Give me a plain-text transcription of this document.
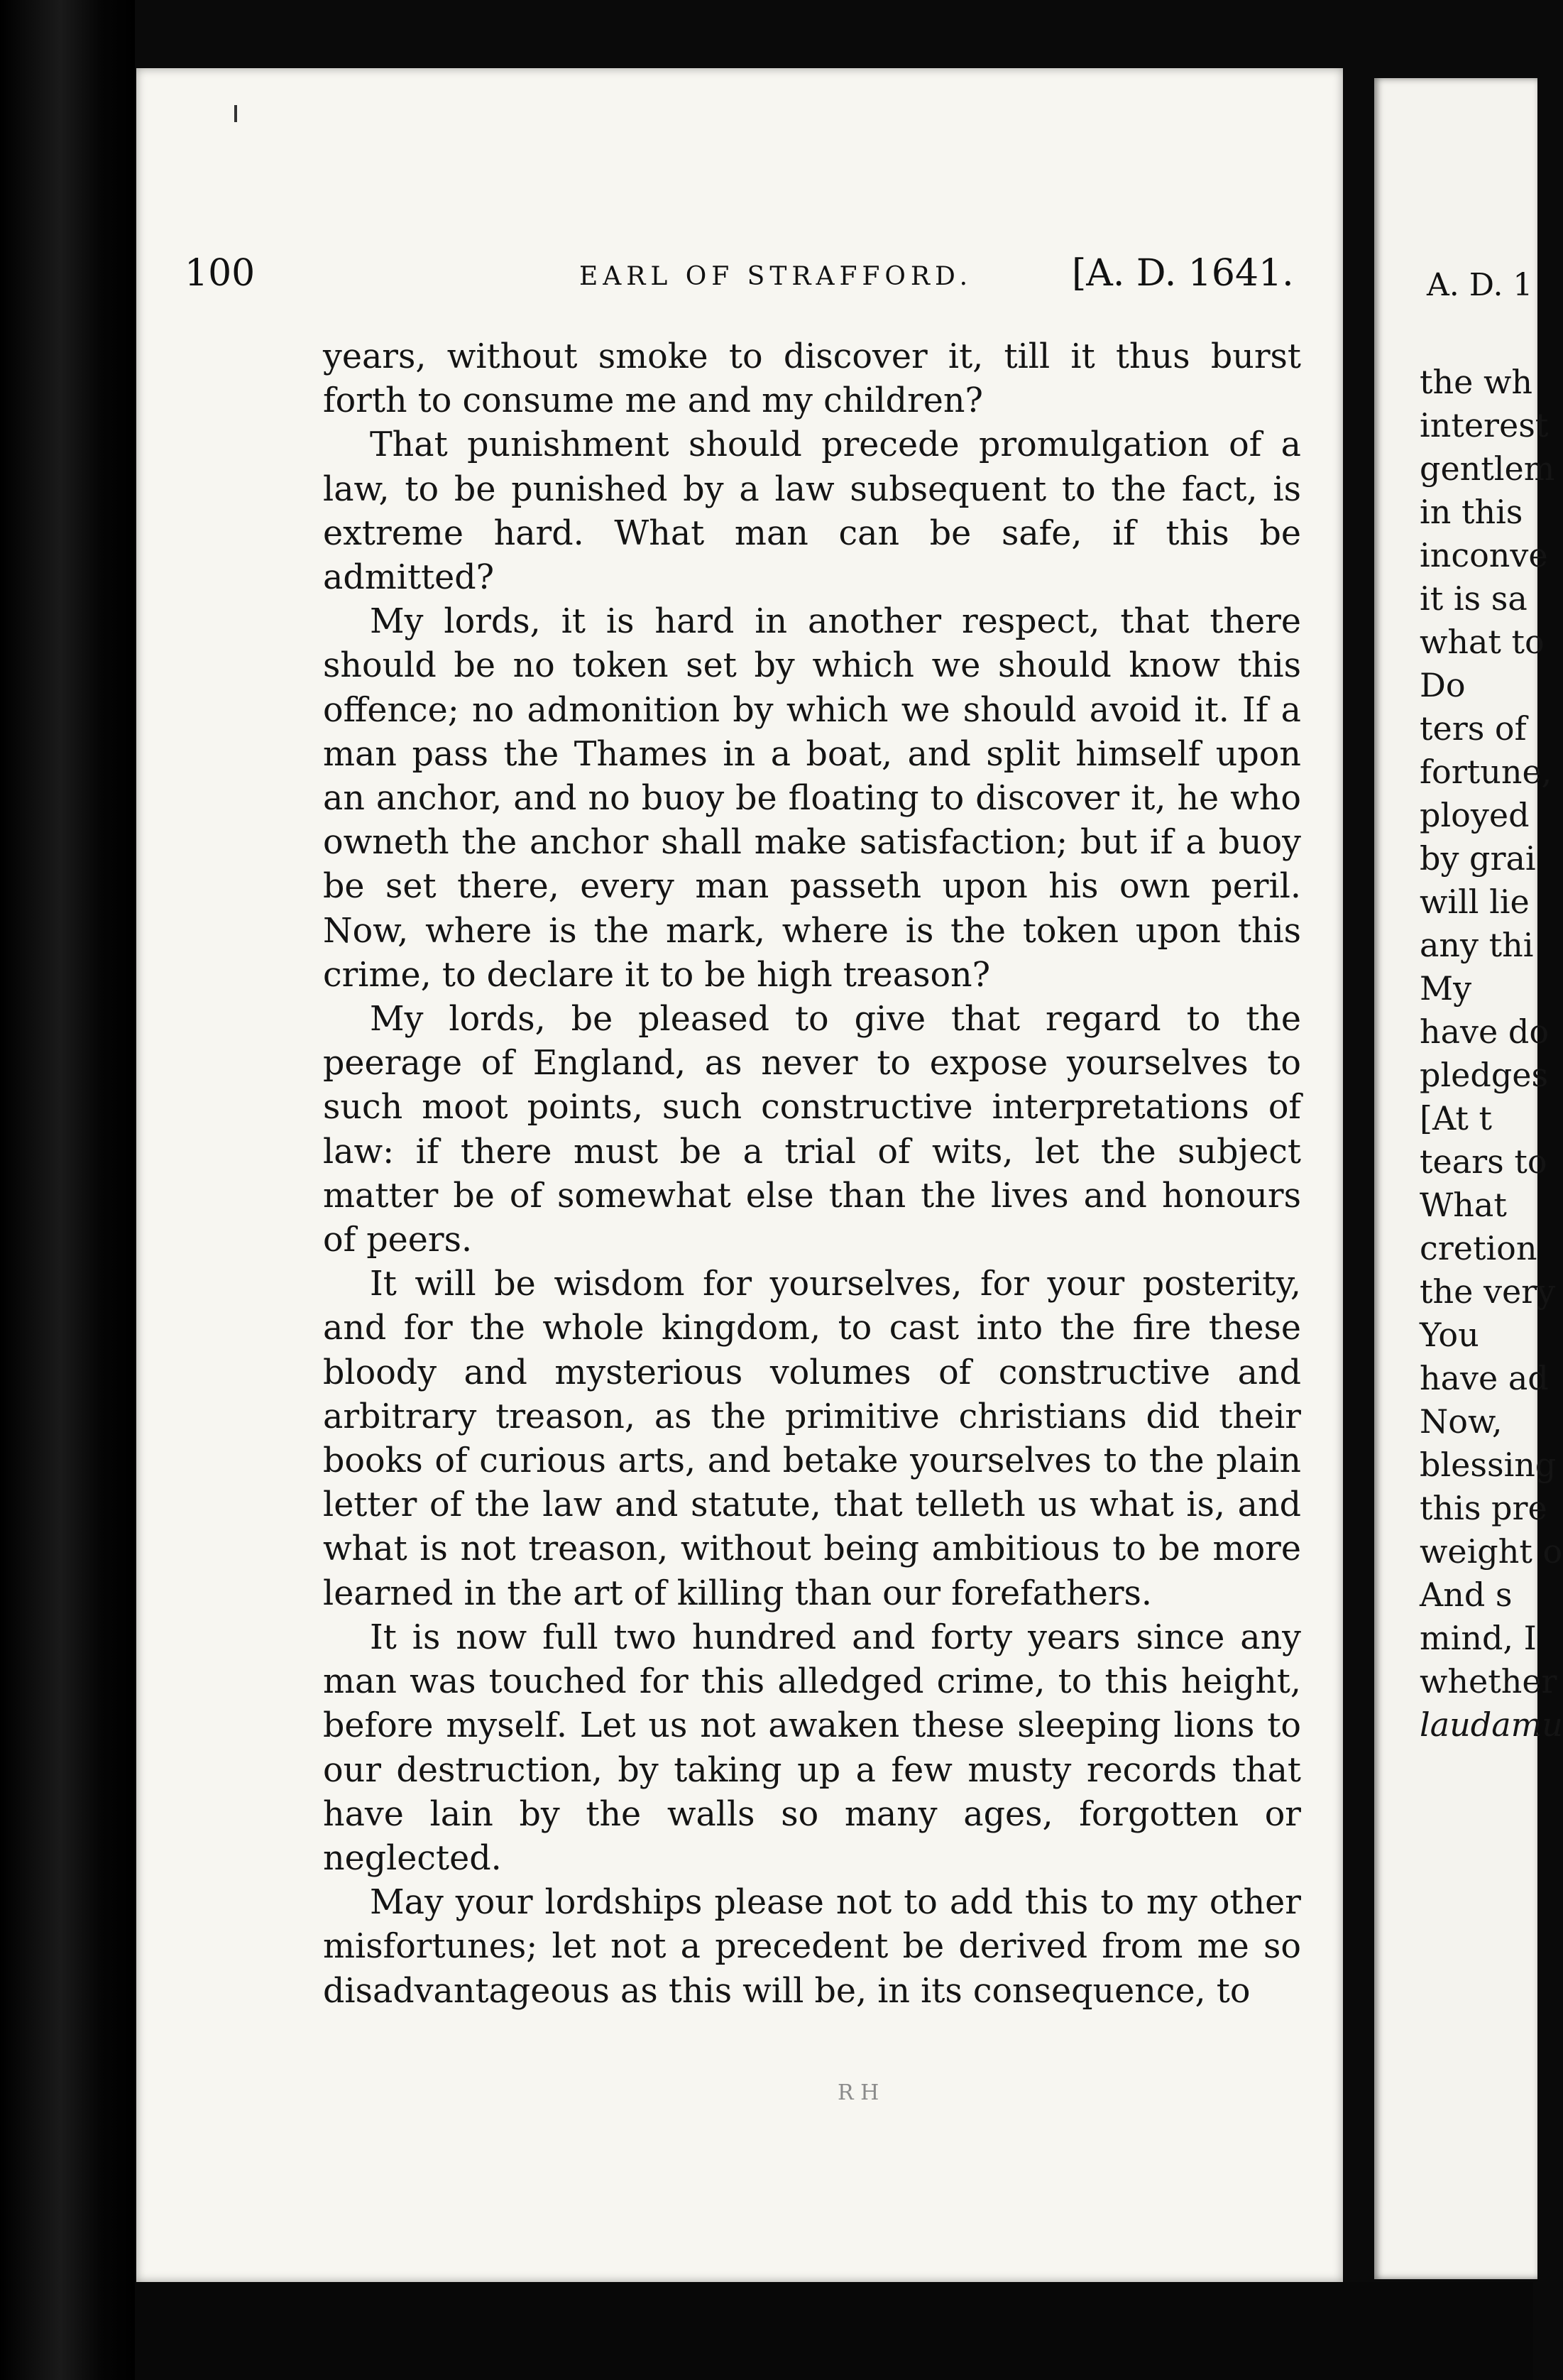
100	EARL OF STRAFFORD.	[A. D. 1641.

years, without smoke to discover it, till it thus burst forth to consume me and my children?

That punishment should precede promulgation of a law, to be punished by a law subsequent to the fact, is extreme hard. What man can be safe, if this be admitted?

My lords, it is hard in another respect, that there should be no token set by which we should know this offence; no admonition by which we should avoid it. If a man pass the Thames in a boat, and split himself upon an anchor, and no buoy be floating to discover it, he who owneth the anchor shall make satisfaction; but if a buoy be set there, every man passeth upon his own peril. Now, where is the mark, where is the token upon this crime, to declare it to be high treason?

My lords, be pleased to give that regard to the peerage of England, as never to expose yourselves to such moot points, such constructive interpretations of law: if there must be a trial of wits, let the subject matter be of somewhat else than the lives and honours of peers.

It will be wisdom for yourselves, for your posterity, and for the whole kingdom, to cast into the fire these bloody and mysterious volumes of constructive and arbitrary treason, as the primitive christians did their books of curious arts, and betake yourselves to the plain letter of the law and statute, that telleth us what is, and what is not treason, without being ambitious to be more learned in the art of killing than our forefathers.

It is now full two hundred and forty years since any man was touched for this alledged crime, to this height, before myself. Let us not awaken these sleeping lions to our destruction, by taking up a few musty records that have lain by the walls so many ages, forgotten or neglected.

May your lordships please not to add this to my other misfortunes; let not a precedent be derived from me so disadvantageous as this will be, in its consequence, to

R H
A. D. 1
the wh
interest
gentlem
in this
inconve
it is sa
what to
Do
ters of
fortune,
ployed
by grai
will lie
any thi
My
have do
pledges
[At t
tears to
What
cretion
the very
You
have ad
Now,
blessing
this pre
weight o
And s
mind, I
whether
laudamu
